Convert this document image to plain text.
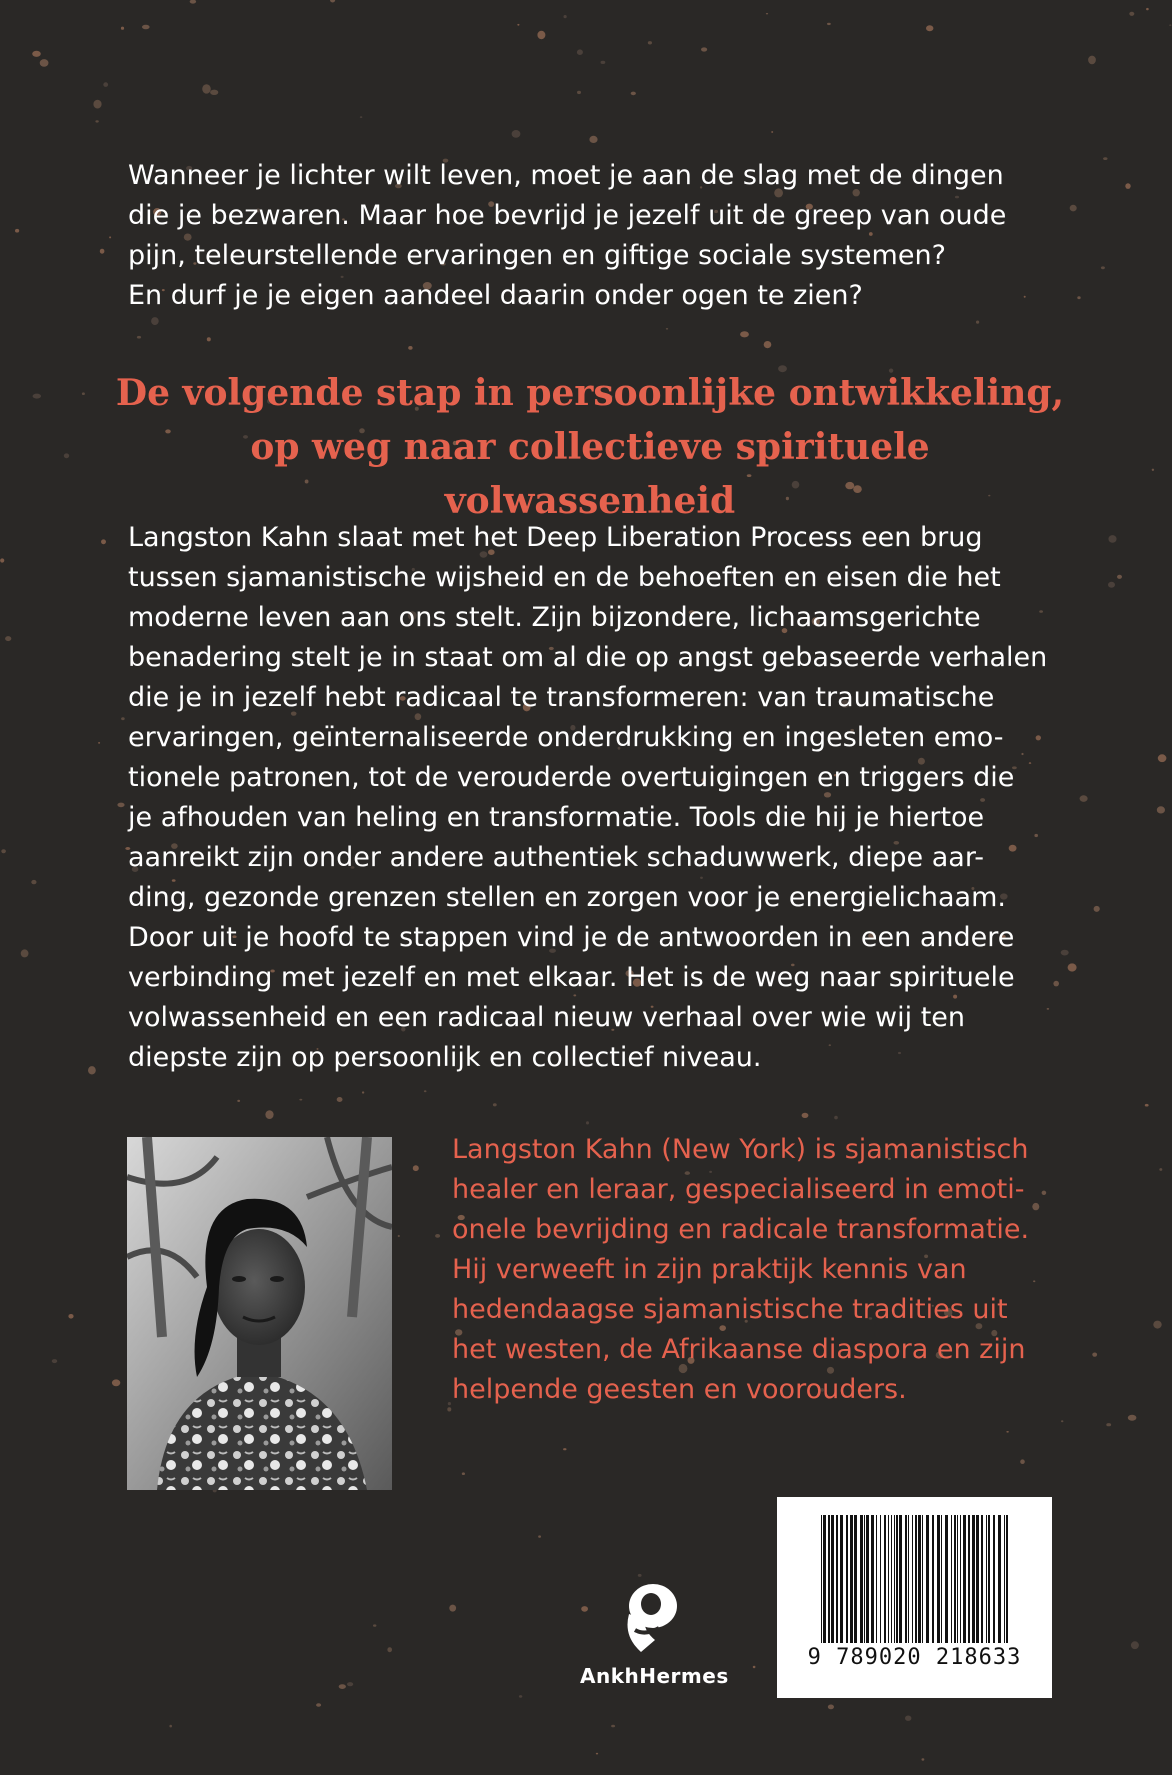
Wanneer je lichter wilt leven, moet je aan de slag met de dingen
die je bezwaren. Maar hoe bevrijd je jezelf uit de greep van oude
pijn, teleurstellende ervaringen en giftige sociale systemen?
En durf je je eigen aandeel daarin onder ogen te zien?

De volgende stap in persoonlijke ontwikkeling,
op weg naar collectieve spirituele volwassenheid

Langston Kahn slaat met het Deep Liberation Process een brug
tussen sjamanistische wijsheid en de behoeften en eisen die het
moderne leven aan ons stelt. Zijn bijzondere, lichaamsgerichte
benadering stelt je in staat om al die op angst gebaseerde verhalen
die je in jezelf hebt radicaal te transformeren: van traumatische
ervaringen, geïnternaliseerde onderdrukking en ingesleten emo-
tionele patronen, tot de verouderde overtuigingen en triggers die
je afhouden van heling en transformatie. Tools die hij je hiertoe
aanreikt zijn onder andere authentiek schaduwwerk, diepe aar-
ding, gezonde grenzen stellen en zorgen voor je energielichaam.
Door uit je hoofd te stappen vind je de antwoorden in een andere
verbinding met jezelf en met elkaar. Het is de weg naar spirituele
volwassenheid en een radicaal nieuw verhaal over wie wij ten
diepste zijn op persoonlijk en collectief niveau.

Langston Kahn (New York) is sjamanistisch
healer en leraar, gespecialiseerd in emoti-
onele bevrijding en radicale transformatie.
Hij verweeft in zijn praktijk kennis van
hedendaagse sjamanistische tradities uit
het westen, de Afrikaanse diaspora en zijn
helpende geesten en voorouders.

AnkhHermes
9 789020 218633
